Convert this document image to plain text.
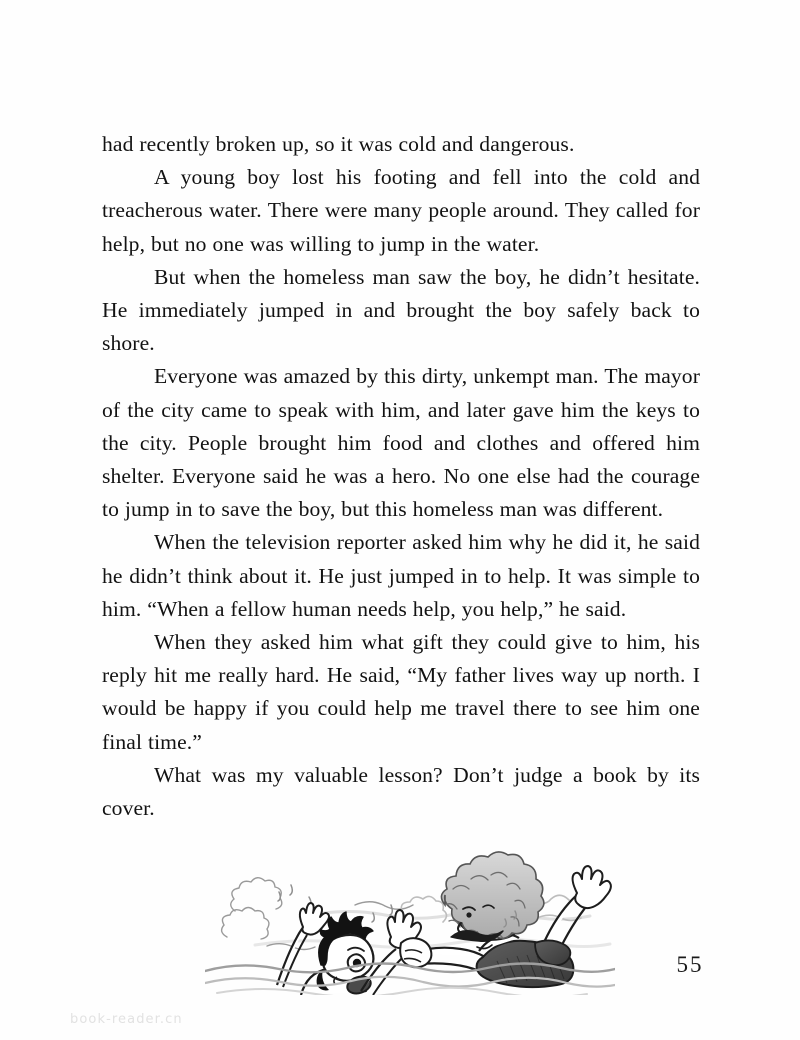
had recently broken up, so it was cold and dangerous.

A young boy lost his footing and fell into the cold and treacherous water. There were many people around. They called for help, but no one was willing to jump in the water.

But when the homeless man saw the boy, he didn’t hesitate. He immediately jumped in and brought the boy safely back to shore.

Everyone was amazed by this dirty, unkempt man. The mayor of the city came to speak with him, and later gave him the keys to the city. People brought him food and clothes and offered him shelter. Everyone said he was a hero. No one else had the courage to jump in to save the boy, but this homeless man was different.

When the television reporter asked him why he did it, he said he didn’t think about it. He just jumped in to help. It was simple to him. “When a fellow human needs help, you help,” he said.

When they asked him what gift they could give to him, his reply hit me really hard. He said, “My father lives way up north. I would be happy if you could help me travel there to see him one final time.”

What was my valuable lesson? Don’t judge a book by its cover.

55
book-reader.cn
